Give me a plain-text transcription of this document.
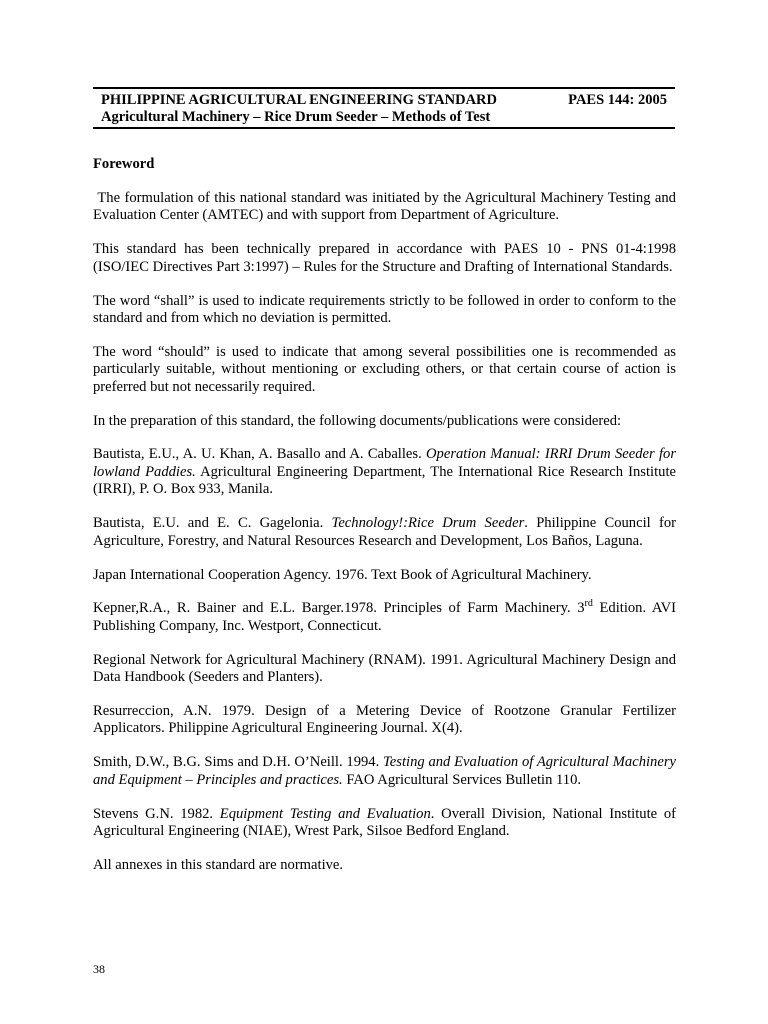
PHILIPPINE AGRICULTURAL ENGINEERING STANDARD	PAES 144: 2005
Agricultural Machinery – Rice Drum Seeder – Methods of Test

Foreword

The formulation of this national standard was initiated by the Agricultural Machinery Testing and Evaluation Center (AMTEC) and with support from Department of Agriculture.

This standard has been technically prepared in accordance with PAES 10 - PNS 01-4:1998 (ISO/IEC Directives Part 3:1997) – Rules for the Structure and Drafting of International Standards.

The word “shall” is used to indicate requirements strictly to be followed in order to conform to the standard and from which no deviation is permitted.

The word “should” is used to indicate that among several possibilities one is recommended as particularly suitable, without mentioning or excluding others, or that certain course of action is preferred but not necessarily required.

In the preparation of this standard, the following documents/publications were considered:

Bautista, E.U., A. U. Khan, A. Basallo and A. Caballes. Operation Manual: IRRI Drum Seeder for lowland Paddies. Agricultural Engineering Department, The International Rice Research Institute (IRRI), P. O. Box 933, Manila.

Bautista, E.U. and E. C. Gagelonia. Technology!:Rice Drum Seeder. Philippine Council for Agriculture, Forestry, and Natural Resources Research and Development, Los Baños, Laguna.

Japan International Cooperation Agency. 1976. Text Book of Agricultural Machinery.

Kepner,R.A., R. Bainer and E.L. Barger.1978. Principles of Farm Machinery. 3rd Edition. AVI Publishing Company, Inc. Westport, Connecticut.

Regional Network for Agricultural Machinery (RNAM). 1991. Agricultural Machinery Design and Data Handbook (Seeders and Planters).

Resurreccion, A.N. 1979. Design of a Metering Device of Rootzone Granular Fertilizer Applicators. Philippine Agricultural Engineering Journal. X(4).

Smith, D.W., B.G. Sims and D.H. O’Neill. 1994. Testing and Evaluation of Agricultural Machinery and Equipment – Principles and practices. FAO Agricultural Services Bulletin 110.

Stevens G.N. 1982. Equipment Testing and Evaluation. Overall Division, National Institute of Agricultural Engineering (NIAE), Wrest Park, Silsoe Bedford England.

All annexes in this standard are normative.

38
